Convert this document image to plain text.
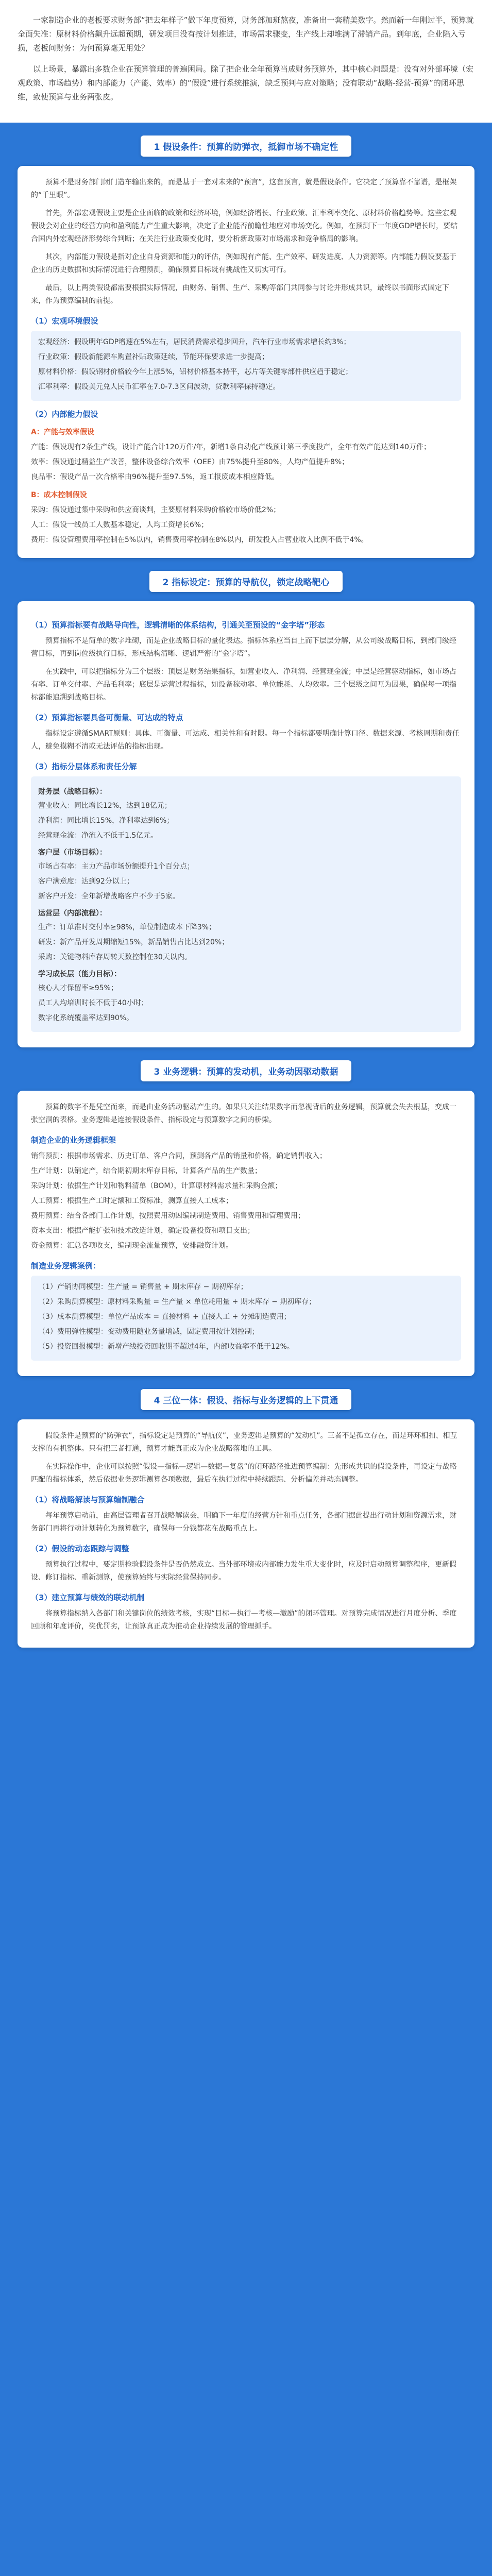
一家制造企业的老板要求财务部“把去年样子”做下年度预算，财务部加班熬夜，准备出一套精美数字。然而新一年刚过半，预算就全面失准：原材料价格飙升远超预期，研发项目没有按计划推进，市场需求骤变，生产线上却堆满了滞销产品。到年底，企业陷入亏损，老板问财务：为何预算毫无用处？

以上场景，暴露出多数企业在预算管理的普遍困局。除了把企业全年预算当成财务预算外，其中核心问题是：没有对外部环境（宏观政策、市场趋势）和内部能力（产能、效率）的“假设”进行系统推演，缺乏预判与应对策略；没有联动“战略-经营-预算”的闭环思维，致使预算与业务两张皮。

1 假设条件：预算的防弹衣，抵御市场不确定性

预算不是财务部门闭门造车输出来的，而是基于一套对未来的“预言”，这套预言，就是假设条件。它决定了预算靠不靠谱，是框架的“千里眼”。

首先，外部宏观假设主要是企业面临的政策和经济环境，例如经济增长、行业政策、汇率利率变化、原材料价格趋势等。这些宏观假设会对企业的经营方向和盈利能力产生重大影响，决定了企业能否前瞻性地应对市场变化。例如，在预测下一年度GDP增长时，要结合国内外宏观经济形势综合判断；在关注行业政策变化时，要分析新政策对市场需求和竞争格局的影响。

其次，内部能力假设是指对企业自身资源和能力的评估，例如现有产能、生产效率、研发进度、人力资源等。内部能力假设要基于企业的历史数据和实际情况进行合理预测，确保预算目标既有挑战性又切实可行。

最后，以上两类假设都需要根据实际情况，由财务、销售、生产、采购等部门共同参与讨论并形成共识，最终以书面形式固定下来，作为预算编制的前提。

（1）宏观环境假设
宏观经济：假设明年GDP增速在5%左右，居民消费需求稳步回升，汽车行业市场需求增长约3%；
行业政策：假设新能源车购置补贴政策延续，节能环保要求进一步提高；
原材料价格：假设钢材价格较今年上涨5%，铝材价格基本持平，芯片等关键零部件供应趋于稳定；
汇率利率：假设美元兑人民币汇率在7.0-7.3区间波动，贷款利率保持稳定。
（2）内部能力假设
A：产能与效率假设
产能：假设现有2条生产线，设计产能合计120万件/年，新增1条自动化产线预计第三季度投产，全年有效产能达到140万件；
效率：假设通过精益生产改善，整体设备综合效率（OEE）由75%提升至80%，人均产值提升8%；
良品率：假设产品一次合格率由96%提升至97.5%，返工报废成本相应降低。
B：成本控制假设
采购：假设通过集中采购和供应商谈判，主要原材料采购价格较市场价低2%；
人工：假设一线员工人数基本稳定，人均工资增长6%；
费用：假设管理费用率控制在5%以内，销售费用率控制在8%以内，研发投入占营业收入比例不低于4%。
2 指标设定：预算的导航仪，锁定战略靶心
（1）预算指标要有战略导向性，逻辑清晰的体系结构，引通关至预设的“金字塔”形态

预算指标不是简单的数字堆砌，而是企业战略目标的量化表达。指标体系应当自上而下层层分解，从公司级战略目标，到部门级经营目标，再到岗位级执行目标，形成结构清晰、逻辑严密的“金字塔”。

在实践中，可以把指标分为三个层级：顶层是财务结果指标，如营业收入、净利润、经营现金流；中层是经营驱动指标，如市场占有率、订单交付率、产品毛利率；底层是运营过程指标，如设备稼动率、单位能耗、人均效率。三个层级之间互为因果，确保每一项指标都能追溯到战略目标。

（2）预算指标要具备可衡量、可达成的特点

指标设定遵循SMART原则：具体、可衡量、可达成、相关性和有时限。每一个指标都要明确计算口径、数据来源、考核周期和责任人，避免模糊不清或无法评估的指标出现。

（3）指标分层体系和责任分解
财务层（战略目标）：
营业收入：同比增长12%，达到18亿元；
净利润：同比增长15%，净利率达到6%；
经营现金流：净流入不低于1.5亿元。
客户层（市场目标）：
市场占有率：主力产品市场份额提升1个百分点；
客户满意度：达到92分以上；
新客户开发：全年新增战略客户不少于5家。
运营层（内部流程）：
生产：订单准时交付率≥98%，单位制造成本下降3%；
研发：新产品开发周期缩短15%，新品销售占比达到20%；
采购：关键物料库存周转天数控制在30天以内。
学习成长层（能力目标）：
核心人才保留率≥95%；
员工人均培训时长不低于40小时；
数字化系统覆盖率达到90%。
3 业务逻辑：预算的发动机，业务动因驱动数据

预算的数字不是凭空而来，而是由业务活动驱动产生的。如果只关注结果数字而忽视背后的业务逻辑，预算就会失去根基，变成一张空洞的表格。业务逻辑是连接假设条件、指标设定与预算数字之间的桥梁。

制造企业的业务逻辑框架
销售预测：根据市场需求、历史订单、客户合同，预测各产品的销量和价格，确定销售收入；
生产计划：以销定产，结合期初期末库存目标，计算各产品的生产数量；
采购计划：依据生产计划和物料清单（BOM），计算原材料需求量和采购金额；
人工预算：根据生产工时定额和工资标准，测算直接人工成本；
费用预算：结合各部门工作计划，按照费用动因编制制造费用、销售费用和管理费用；
资本支出：根据产能扩张和技术改造计划，确定设备投资和项目支出；
资金预算：汇总各项收支，编制现金流量预算，安排融资计划。
制造业务逻辑案例：
（1）产销协同模型：生产量 = 销售量 + 期末库存 − 期初库存；
（2）采购测算模型：原材料采购量 = 生产量 × 单位耗用量 + 期末库存 − 期初库存；
（3）成本测算模型：单位产品成本 = 直接材料 + 直接人工 + 分摊制造费用；
（4）费用弹性模型：变动费用随业务量增减，固定费用按计划控制；
（5）投资回报模型：新增产线投资回收期不超过4年，内部收益率不低于12%。
4 三位一体：假设、指标与业务逻辑的上下贯通

假设条件是预算的“防弹衣”，指标设定是预算的“导航仪”，业务逻辑是预算的“发动机”。三者不是孤立存在，而是环环相扣、相互支撑的有机整体。只有把三者打通，预算才能真正成为企业战略落地的工具。

在实际操作中，企业可以按照“假设—指标—逻辑—数据—复盘”的闭环路径推进预算编制：先形成共识的假设条件，再设定与战略匹配的指标体系，然后依据业务逻辑测算各项数据，最后在执行过程中持续跟踪、分析偏差并动态调整。

（1）将战略解读与预算编制融合

每年预算启动前，由高层管理者召开战略解读会，明确下一年度的经营方针和重点任务，各部门据此提出行动计划和资源需求，财务部门再将行动计划转化为预算数字，确保每一分钱都花在战略重点上。

（2）假设的动态跟踪与调整

预算执行过程中，要定期检验假设条件是否仍然成立。当外部环境或内部能力发生重大变化时，应及时启动预算调整程序，更新假设、修订指标、重新测算，使预算始终与实际经营保持同步。

（3）建立预算与绩效的联动机制

将预算指标纳入各部门和关键岗位的绩效考核，实现“目标—执行—考核—激励”的闭环管理。对预算完成情况进行月度分析、季度回顾和年度评价，奖优罚劣，让预算真正成为推动企业持续发展的管理抓手。
